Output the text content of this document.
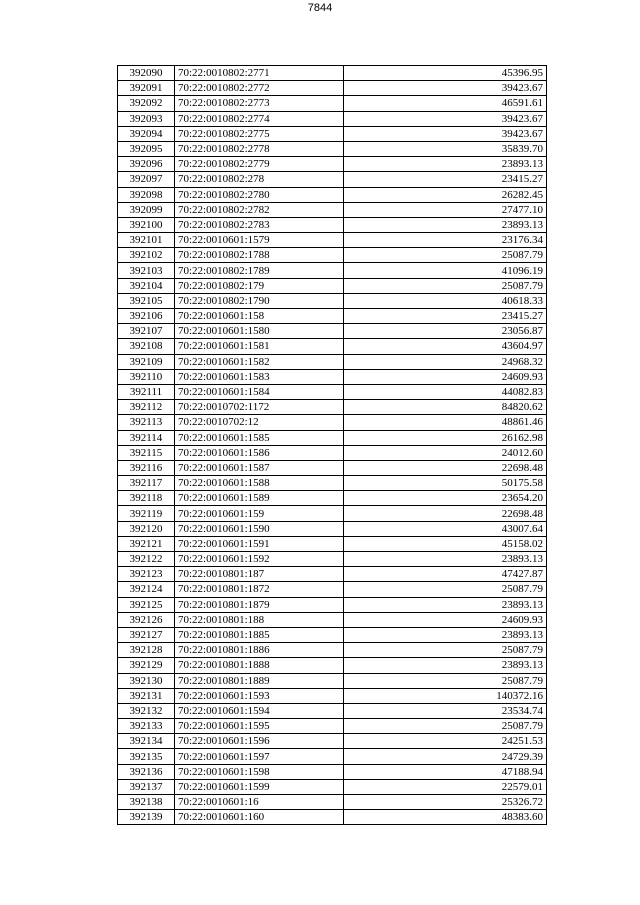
7844
392090	70:22:0010802:2771	45396.95
392091	70:22:0010802:2772	39423.67
392092	70:22:0010802:2773	46591.61
392093	70:22:0010802:2774	39423.67
392094	70:22:0010802:2775	39423.67
392095	70:22:0010802:2778	35839.70
392096	70:22:0010802:2779	23893.13
392097	70:22:0010802:278	23415.27
392098	70:22:0010802:2780	26282.45
392099	70:22:0010802:2782	27477.10
392100	70:22:0010802:2783	23893.13
392101	70:22:0010601:1579	23176.34
392102	70:22:0010802:1788	25087.79
392103	70:22:0010802:1789	41096.19
392104	70:22:0010802:179	25087.79
392105	70:22:0010802:1790	40618.33
392106	70:22:0010601:158	23415.27
392107	70:22:0010601:1580	23056.87
392108	70:22:0010601:1581	43604.97
392109	70:22:0010601:1582	24968.32
392110	70:22:0010601:1583	24609.93
392111	70:22:0010601:1584	44082.83
392112	70:22:0010702:1172	84820.62
392113	70:22:0010702:12	48861.46
392114	70:22:0010601:1585	26162.98
392115	70:22:0010601:1586	24012.60
392116	70:22:0010601:1587	22698.48
392117	70:22:0010601:1588	50175.58
392118	70:22:0010601:1589	23654.20
392119	70:22:0010601:159	22698.48
392120	70:22:0010601:1590	43007.64
392121	70:22:0010601:1591	45158.02
392122	70:22:0010601:1592	23893.13
392123	70:22:0010801:187	47427.87
392124	70:22:0010801:1872	25087.79
392125	70:22:0010801:1879	23893.13
392126	70:22:0010801:188	24609.93
392127	70:22:0010801:1885	23893.13
392128	70:22:0010801:1886	25087.79
392129	70:22:0010801:1888	23893.13
392130	70:22:0010801:1889	25087.79
392131	70:22:0010601:1593	140372.16
392132	70:22:0010601:1594	23534.74
392133	70:22:0010601:1595	25087.79
392134	70:22:0010601:1596	24251.53
392135	70:22:0010601:1597	24729.39
392136	70:22:0010601:1598	47188.94
392137	70:22:0010601:1599	22579.01
392138	70:22:0010601:16	25326.72
392139	70:22:0010601:160	48383.60
